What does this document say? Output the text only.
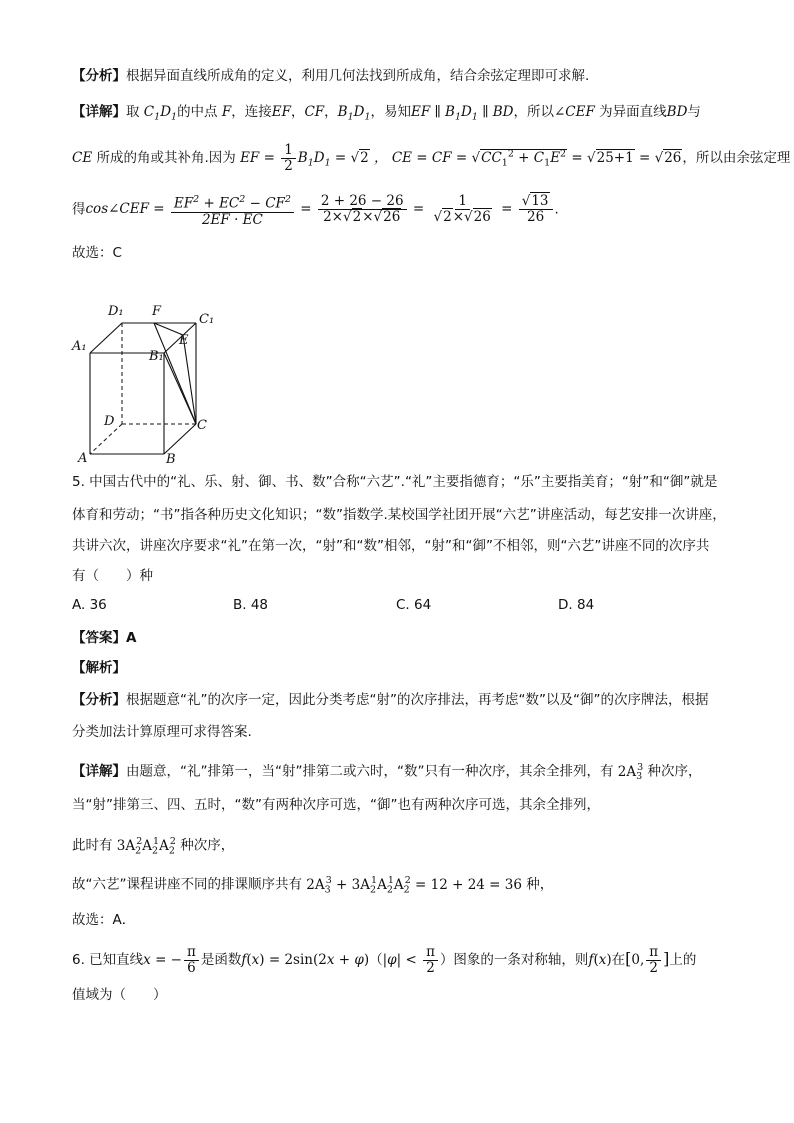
【分析】根据异面直线所成角的定义，利用几何法找到所成角，结合余弦定理即可求解.
【详解】取 $C_1D_1$的中点 F，连接EF，CF，$B_1D_1$，易知EF ∥ $B_1D_1$ ∥ BD，所以∠CEF 为异面直线BD与
CE 所成的角或其补角.因为 EF = $\frac{1}{2} B_1D_1 = √2$ ， CE = CF = $√CC_1^2 + C_1E^2 = √25+1 = √26$，所以由余弦定理
得cos∠CEF = $\frac{EF^2 + EC^2 - CF^2}{2EF \cdot EC} = \frac{2 + 26 - 26}{2\times√2\times√26} = \frac{1}{√2\times√26} = \frac{√13}{26}$ .
故选：C
D₁ F
C₁
A₁
B₁
E
D	C
A	B
5. 中国古代中的“礼、乐、射、御、书、数”合称“六艺”.“礼”主要指德育；“乐”主要指美育；“射”和“御”就是
体育和劳动；“书”指各种历史文化知识；“数”指数学.某校国学社团开展“六艺”讲座活动，每艺安排一次讲座，
共讲六次，讲座次序要求“礼”在第一次，“射”和“数”相邻，“射”和“御”不相邻，则“六艺”讲座不同的次序共
有（　　）种
A. 36	B. 48	C. 64	D. 84
【答案】A
【解析】
【分析】根据题意“礼”的次序一定，因此分类考虑“射”的次序排法，再考虑“数”以及“御”的次序牌法，根据
分类加法计算原理可求得答案.
【详解】由题意，“礼”排第一，当“射”排第二或六时，“数”只有一种次序，其余全排列，有 $2A_3^3$ 种次序，
当“射”排第三、四、五时，“数”有两种次序可选，“御”也有两种次序可选，其余全排列，
此时有 $3A_2^2A_2^1A_2^2$ 种次序，
故“六艺”课程讲座不同的排课顺序共有 $2A_3^3 + 3A_2^1A_2^1A_2^2 = 12 + 24 = 36$ 种，
故选：A．
6. 已知直线x = − $\frac{\pi}{6}$ 是函数$f(x) = 2\sin(2x + \varphi)(|\varphi| < \frac{\pi}{2}$ ）图象的一条对称轴，则f(x)在[0, $\frac{\pi}{2}$ ]上的
值域为（　　）
